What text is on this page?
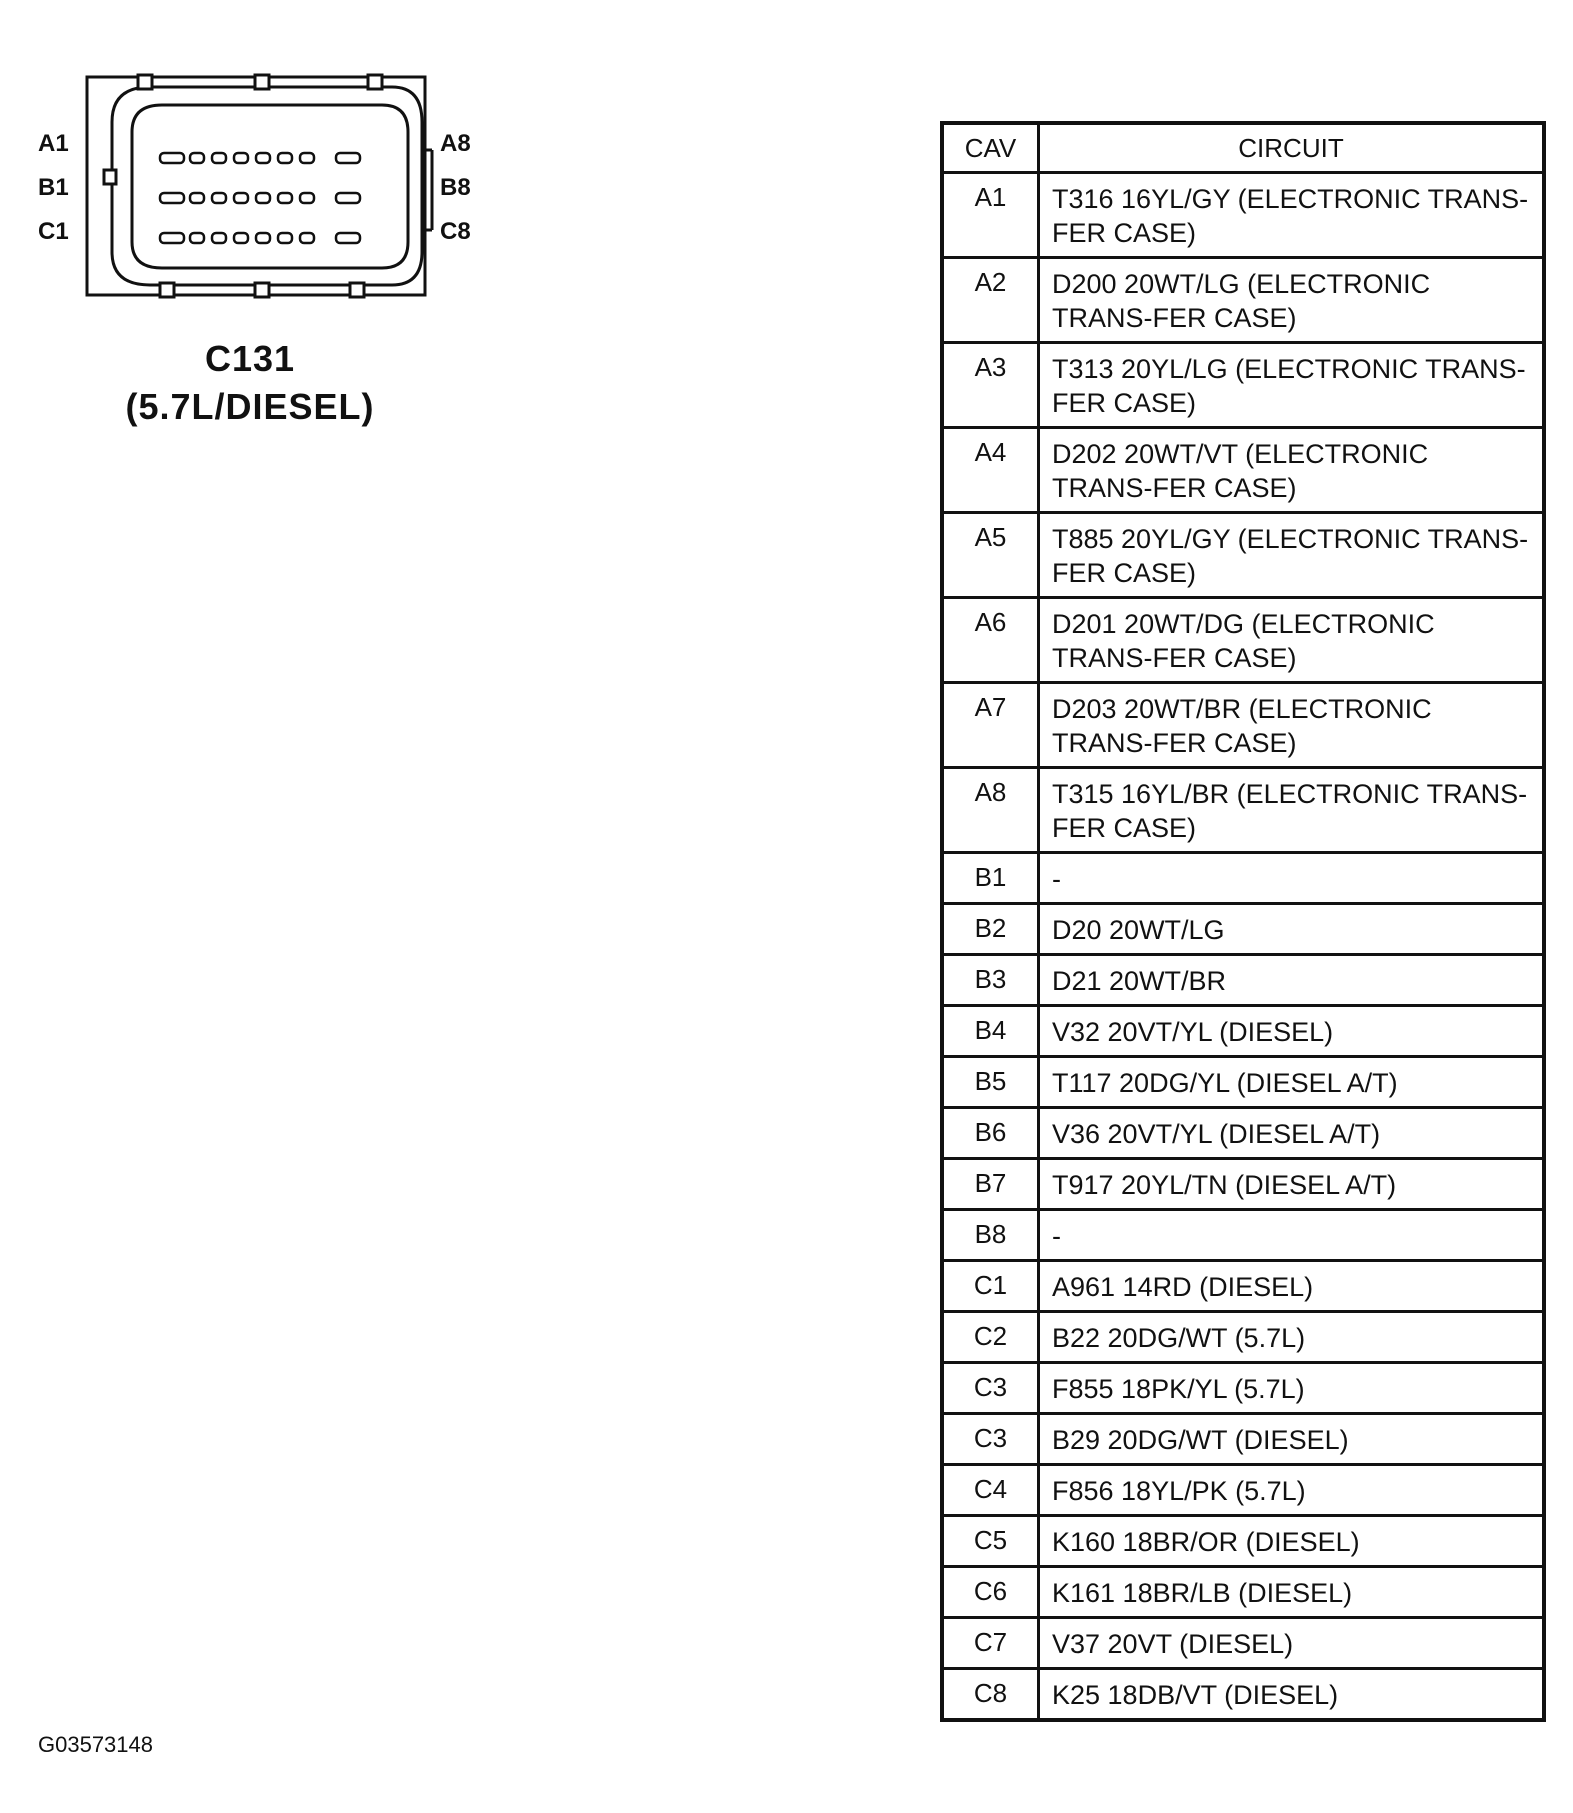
A1
B1
C1
A8
B8
C8
C131
(5.7L/DIESEL)
CAV	CIRCUIT
A1	T316 16YL/GY (ELECTRONIC TRANS-FER CASE)
A2	D200 20WT/LG (ELECTRONIC TRANS-FER CASE)
A3	T313 20YL/LG (ELECTRONIC TRANS-FER CASE)
A4	D202 20WT/VT (ELECTRONIC TRANS-FER CASE)
A5	T885 20YL/GY (ELECTRONIC TRANS-FER CASE)
A6	D201 20WT/DG (ELECTRONIC TRANS-FER CASE)
A7	D203 20WT/BR (ELECTRONIC TRANS-FER CASE)
A8	T315 16YL/BR (ELECTRONIC TRANS-FER CASE)
B1	-
B2	D20 20WT/LG
B3	D21 20WT/BR
B4	V32 20VT/YL (DIESEL)
B5	T117 20DG/YL (DIESEL A/T)
B6	V36 20VT/YL (DIESEL A/T)
B7	T917 20YL/TN (DIESEL A/T)
B8	-
C1	A961 14RD (DIESEL)
C2	B22 20DG/WT (5.7L)
C3	F855 18PK/YL (5.7L)
C3	B29 20DG/WT (DIESEL)
C4	F856 18YL/PK (5.7L)
C5	K160 18BR/OR (DIESEL)
C6	K161 18BR/LB (DIESEL)
C7	V37 20VT (DIESEL)
C8	K25 18DB/VT (DIESEL)
G03573148
